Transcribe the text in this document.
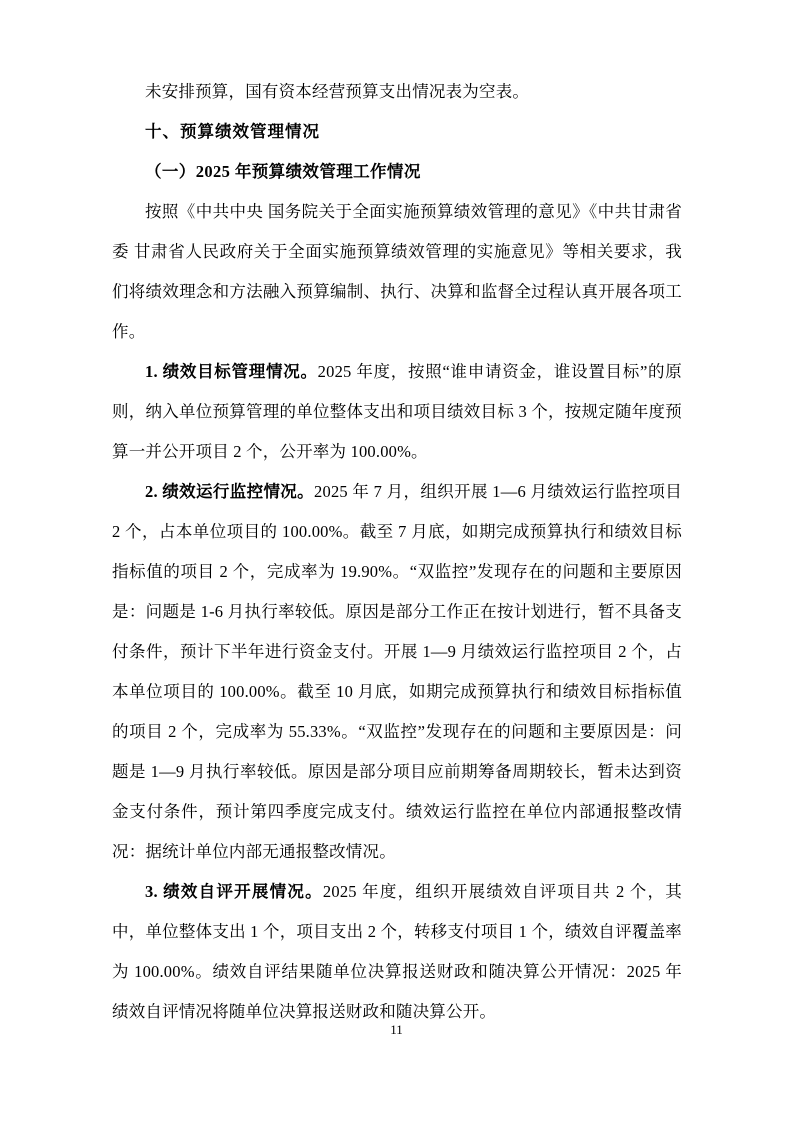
未安排预算，国有资本经营预算支出情况表为空表。

十、预算绩效管理情况

（一）2025 年预算绩效管理工作情况

按照《中共中央 国务院关于全面实施预算绩效管理的意见》《中共甘肃省委 甘肃省人民政府关于全面实施预算绩效管理的实施意见》等相关要求，我们将绩效理念和方法融入预算编制、执行、决算和监督全过程认真开展各项工作。

1. 绩效目标管理情况。2025 年度，按照“谁申请资金，谁设置目标”的原则，纳入单位预算管理的单位整体支出和项目绩效目标 3 个，按规定随年度预算一并公开项目 2 个，公开率为 100.00%。

2. 绩效运行监控情况。2025 年 7 月，组织开展 1—6 月绩效运行监控项目 2 个，占本单位项目的 100.00%。截至 7 月底，如期完成预算执行和绩效目标指标值的项目 2 个，完成率为 19.90%。“双监控”发现存在的问题和主要原因是：问题是 1-6 月执行率较低。原因是部分工作正在按计划进行，暂不具备支付条件，预计下半年进行资金支付。开展 1—9 月绩效运行监控项目 2 个，占本单位项目的 100.00%。截至 10 月底，如期完成预算执行和绩效目标指标值的项目 2 个，完成率为 55.33%。“双监控”发现存在的问题和主要原因是：问题是 1—9 月执行率较低。原因是部分项目应前期筹备周期较长，暂未达到资金支付条件，预计第四季度完成支付。绩效运行监控在单位内部通报整改情况：据统计单位内部无通报整改情况。

3. 绩效自评开展情况。2025 年度，组织开展绩效自评项目共 2 个，其中，单位整体支出 1 个，项目支出 2 个，转移支付项目 1 个，绩效自评覆盖率为 100.00%。绩效自评结果随单位决算报送财政和随决算公开情况：2025 年绩效自评情况将随单位决算报送财政和随决算公开。

11
